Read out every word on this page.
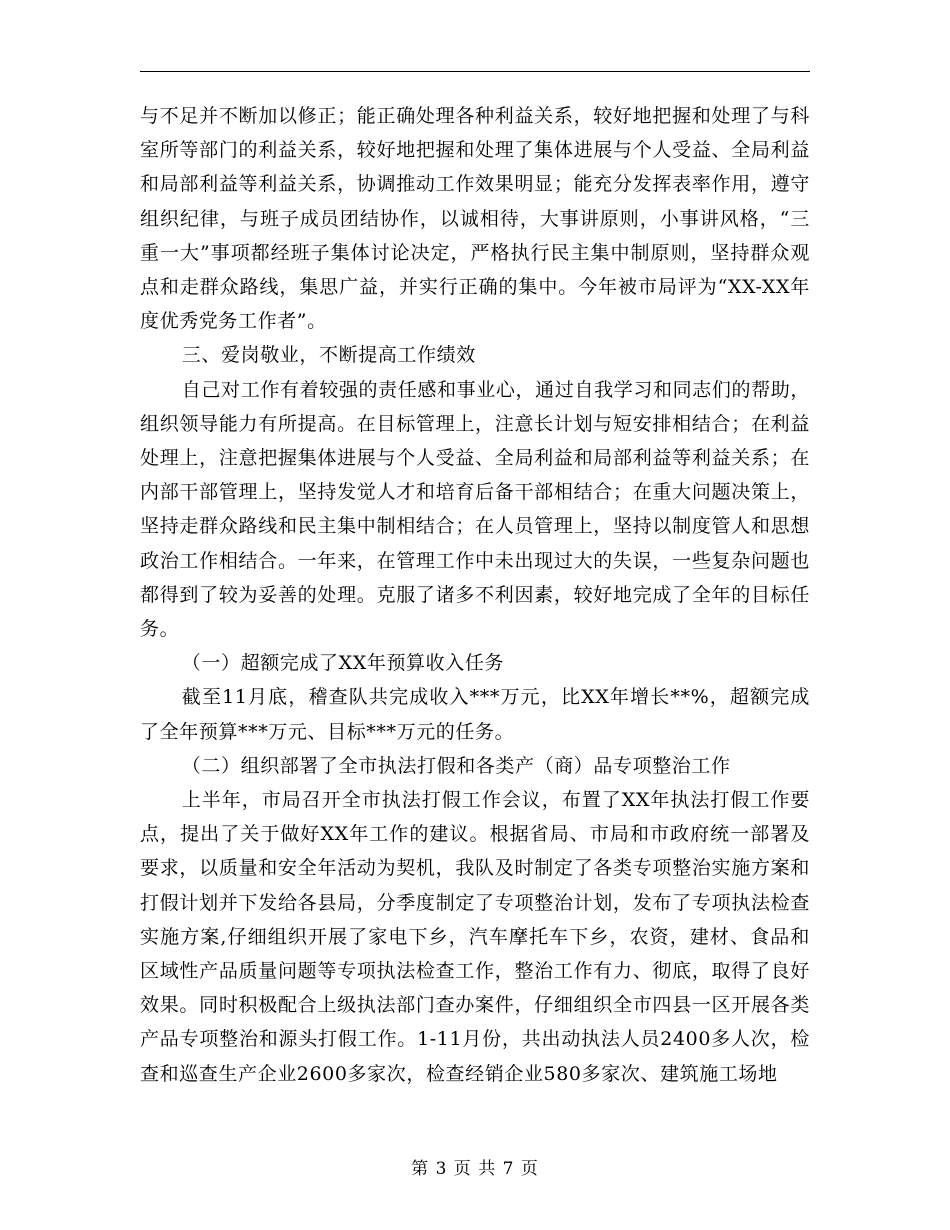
与不足并不断加以修正；能正确处理各种利益关系，较好地把握和处理了与科室所等部门的利益关系，较好地把握和处理了集体进展与个人受益、全局利益和局部利益等利益关系，协调推动工作效果明显；能充分发挥表率作用，遵守组织纪律，与班子成员团结协作，以诚相待，大事讲原则，小事讲风格，“三重一大”事项都经班子集体讨论决定，严格执行民主集中制原则，坚持群众观点和走群众路线，集思广益，并实行正确的集中。今年被市局评为“XX-XX年度优秀党务工作者”。

三、爱岗敬业，不断提高工作绩效

自己对工作有着较强的责任感和事业心，通过自我学习和同志们的帮助，组织领导能力有所提高。在目标管理上，注意长计划与短安排相结合；在利益处理上，注意把握集体进展与个人受益、全局利益和局部利益等利益关系；在内部干部管理上，坚持发觉人才和培育后备干部相结合；在重大问题决策上，坚持走群众路线和民主集中制相结合；在人员管理上，坚持以制度管人和思想政治工作相结合。一年来，在管理工作中未出现过大的失误，一些复杂问题也都得到了较为妥善的处理。克服了诸多不利因素，较好地完成了全年的目标任务。

（一）超额完成了XX年预算收入任务

截至11月底，稽查队共完成收入***万元，比XX年增长**%，超额完成了全年预算***万元、目标***万元的任务。

（二）组织部署了全市执法打假和各类产（商）品专项整治工作

上半年，市局召开全市执法打假工作会议，布置了XX年执法打假工作要点，提出了关于做好XX年工作的建议。根据省局、市局和市政府统一部署及要求，以质量和安全年活动为契机，我队及时制定了各类专项整治实施方案和打假计划并下发给各县局，分季度制定了专项整治计划，发布了专项执法检查实施方案,仔细组织开展了家电下乡，汽车摩托车下乡，农资，建材、食品和区域性产品质量问题等专项执法检查工作，整治工作有力、彻底，取得了良好效果。同时积极配合上级执法部门查办案件，仔细组织全市四县一区开展各类产品专项整治和源头打假工作。1-11月份，共出动执法人员2400多人次，检查和巡查生产企业2600多家次，检查经销企业580多家次、建筑施工场地

第 3 页 共 7 页
